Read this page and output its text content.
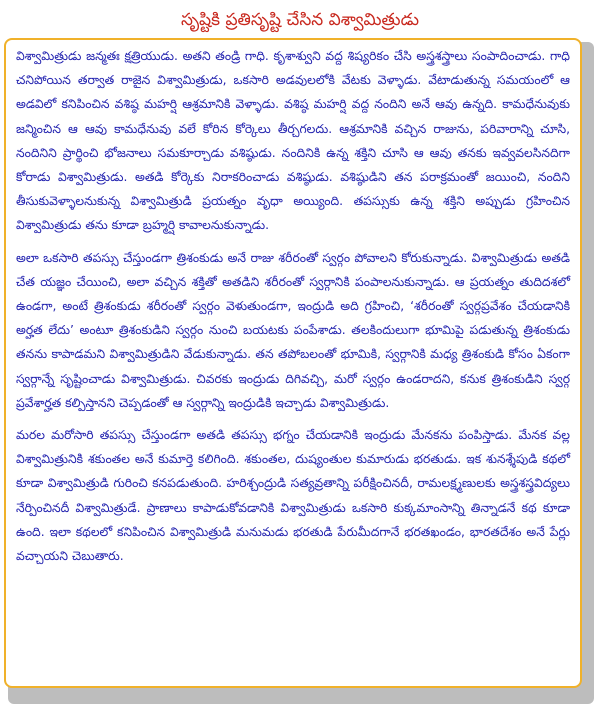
సృష్టికి ప్రతిసృష్టి చేసిన విశ్వామిత్రుడు

విశ్వామిత్రుడు జన్మతః క్షత్రియుడు. అతని తండ్రి గాధి. కృశాశ్వుని వద్ద శిష్యరికం చేసి అస్త్రశస్త్రాలు సంపాదించాడు. గాధి చనిపోయిన తర్వాత రాజైన విశ్వామిత్రుడు, ఒకసారి అడవులలోకి వేటకు వెళ్ళాడు. వేటాడుతున్న సమయంలో ఆ అడవిలో కనిపించిన వశిష్ఠ మహర్షి ఆశ్రమానికి వెళ్ళాడు. వశిష్ఠ మహర్షి వద్ద నందిని అనే ఆవు ఉన్నది. కామధేనువుకు జన్మించిన ఆ ఆవు కామధేనువు వలే కోరిన కోర్కెలు తీర్చగలదు. ఆశ్రమానికి వచ్చిన రాజును, పరివారాన్ని చూసి, నందినిని ప్రార్థించి భోజనాలు సమకూర్చాడు వశిష్ఠుడు. నందినికి ఉన్న శక్తిని చూసి ఆ ఆవు తనకు ఇవ్వవలసినదిగా కోరాడు విశ్వామిత్రుడు. అతడి కోర్కెకు నిరాకరించాడు వశిష్ఠుడు. వశిష్ఠుడిని తన పరాక్రమంతో జయించి, నందిని తీసుకువెళ్ళాలనుకున్న విశ్వామిత్రుడి ప్రయత్నం వృధా అయ్యింది. తపస్సుకు ఉన్న శక్తిని అప్పుడు గ్రహించిన విశ్వామిత్రుడు తను కూడా బ్రహ్మర్షి కావాలనుకున్నాడు.

అలా ఒకసారి తపస్సు చేస్తుండగా త్రిశంకుడు అనే రాజు శరీరంతో స్వర్గం పోవాలని కోరుకున్నాడు. విశ్వామిత్రుడు అతడి చేత యజ్ఞం చేయించి, అలా వచ్చిన శక్తితో అతడిని శరీరంతో స్వర్గానికి పంపాలనుకున్నాడు. ఆ ప్రయత్నం తుదిదశలో ఉండగా, అంటే త్రిశంకుడు శరీరంతో స్వర్గం వెళుతుండగా, ఇంద్రుడి అది గ్రహించి, ‘శరీరంతో స్వర్గప్రవేశం చేయడానికి అర్హత లేదు’ అంటూ త్రిశంకుడిని స్వర్గం నుంచి బయటకు పంపేశాడు. తలకిందులుగా భూమిపై పడుతున్న త్రిశంకుడు తనను కాపాడమని విశ్వామిత్రుడిని వేడుకున్నాడు. తన తపోబలంతో భూమికి, స్వర్గానికి మధ్య త్రిశంకుడి కోసం ఏకంగా స్వర్గాన్నే సృష్టించాడు విశ్వామిత్రుడు. చివరకు ఇంద్రుడు దిగివచ్చి, మరో స్వర్గం ఉండరాదని, కనుక త్రిశంకుడిని స్వర్గ ప్రవేశార్హత కల్పిస్తానని చెప్పడంతో ఆ స్వర్గాన్ని ఇంద్రుడికి ఇచ్చాడు విశ్వామిత్రుడు.

మరల మరోసారి తపస్సు చేస్తుండగా అతడి తపస్సు భగ్నం చేయడానికి ఇంద్రుడు మేనకను పంపిస్తాడు. మేనక వల్ల విశ్వామిత్రునికి శకుంతల అనే కుమార్తె కలిగింది. శకుంతల, దుష్యంతుల కుమారుడు భరతుడు. ఇక శునశ్శేపుడి కథలో కూడా విశ్వామిత్రుడి గురించి కనపడుతుంది. హరిశ్చంద్రుడి సత్యవ్రతాన్ని పరీక్షించినదీ, రామలక్ష్మణులకు అస్త్రశస్త్రవిద్యలు నేర్పించినదీ విశ్వామిత్రుడే. ప్రాణాలు కాపాడుకోవడానికి విశ్వామిత్రుడు ఒకసారి కుక్కమాంసాన్ని తిన్నాడనే కథ కూడా ఉంది. ఇలా కథలలో కనిపించిన విశ్వామిత్రుడి మనుమడు భరతుడి పేరుమీదగానే భరతఖండం, భారతదేశం అనే పేర్లు వచ్చాయని చెబుతారు.
